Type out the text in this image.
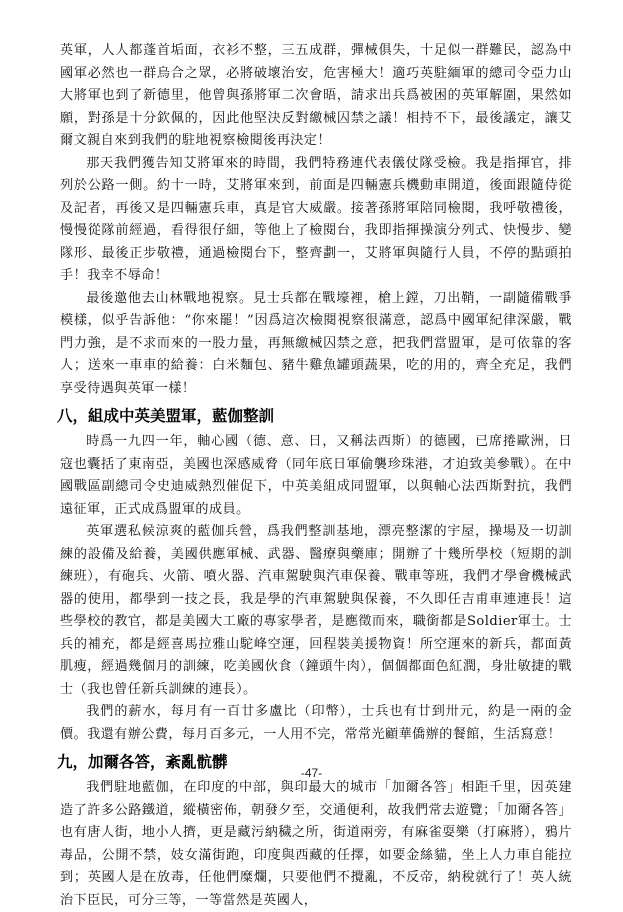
英軍，人人都蓬首垢面，衣衫不整，三五成群，彈械俱失，十足似一群難民，認為中國軍必然也一群烏合之眾，必將破壞治安，危害極大！適巧英駐緬軍的總司令亞力山大將軍也到了新德里，他曾與孫將軍二次會晤，請求出兵爲被困的英軍解圍，果然如願，對孫是十分欽佩的，因此他堅決反對繳械囚禁之議！相持不下，最後議定，讓艾爾文親自來到我們的駐地視察檢閱後再決定！

那天我們獲告知艾將軍來的時間，我們特務連代表儀仗隊受檢。我是指揮官，排列於公路一側。約十一時，艾將軍來到，前面是四輛憲兵機動車開道，後面跟隨侍從及記者，再後又是四輛憲兵車，真是官大威嚴。接著孫將軍陪同檢閱，我呼敬禮後，慢慢從隊前經過，看得很仔細，等他上了檢閱台，我即指揮操演分列式、快慢步、變隊形、最後正步敬禮，通過檢閱台下，整齊劃一，艾將軍與隨行人員，不停的點頭拍手！我幸不辱命！

最後邀他去山林戰地視察。見士兵都在戰壕裡，槍上鏜，刀出鞘，一副隨備戰爭模樣，似乎告訴他：“你來罷！”因爲這次檢閱視察很滿意，認爲中國軍紀律深嚴，戰門力強，是不求而來的一股力量，再無繳械囚禁之意，把我們當盟軍，是可依靠的客人；送來一車車的給養：白米麵包、豬牛雞魚罐頭蔬果，吃的用的，齊全充足，我們享受待遇與英軍一樣！

八，組成中英美盟軍，藍伽整訓

時爲一九四一年，軸心國（德、意、日，又稱法西斯）的德國，已席捲歐洲，日寇也囊括了東南亞，美國也深感威脅（同年底日軍偷襲珍珠港，才迫致美參戰）。在中國戰區副總司令史迪威熱烈催促下，中英美組成同盟軍，以與軸心法西斯對抗，我們遠征軍，正式成爲盟軍的成員。

英軍選私候涼爽的藍伽兵營，爲我們整訓基地，漂亮整潔的宇屋，操場及一切訓練的設備及給養，美國供應軍械、武器、醫療與藥庫；開辦了十幾所學校（短期的訓練班），有砲兵、火箭、噴火器、汽車駕駛與汽車保養、戰車等班，我們才學會機械武器的使用，都學到一技之長，我是學的汽車駕駛與保養，不久即任吉甫車連連長！這些學校的教官，都是美國大工廠的專家學者，是應徵而來，職銜都是Soldier軍士。士兵的補充，都是經喜馬拉雅山駝峰空運，回程裝美援物資！所空運來的新兵，都面黃肌瘦，經過幾個月的訓練，吃美國伙食（鐘頭牛肉），個個都面色紅潤，身壯敏捷的戰士（我也曾任新兵訓練的連長）。

我們的薪水，每月有一百廿多盧比（印幣），士兵也有廿到卅元，約是一兩的金價。我還有辦公費，每月百多元，一人用不完，常常光顧華僑辦的餐館，生活寫意！

九，加爾各答，紊亂骯髒

我們駐地藍伽，在印度的中部，與印最大的城市「加爾各答」相距千里，因英建造了許多公路鐵道，縱橫密佈，朝發夕至，交通便利，故我們常去遊覽；「加爾各答」也有唐人街，地小人擠，更是藏污納穢之所，街道兩旁，有麻雀耍樂（打麻將），鴉片毒品，公開不禁，妓女滿街跑，印度與西藏的任擇，如要金絲貓，坐上人力車自能拉到；英國人是在放毒，任他們糜爛，只要他們不攪亂，不反帝，納稅就行了！英人統治下臣民，可分三等，一等當然是英國人，

-47-
